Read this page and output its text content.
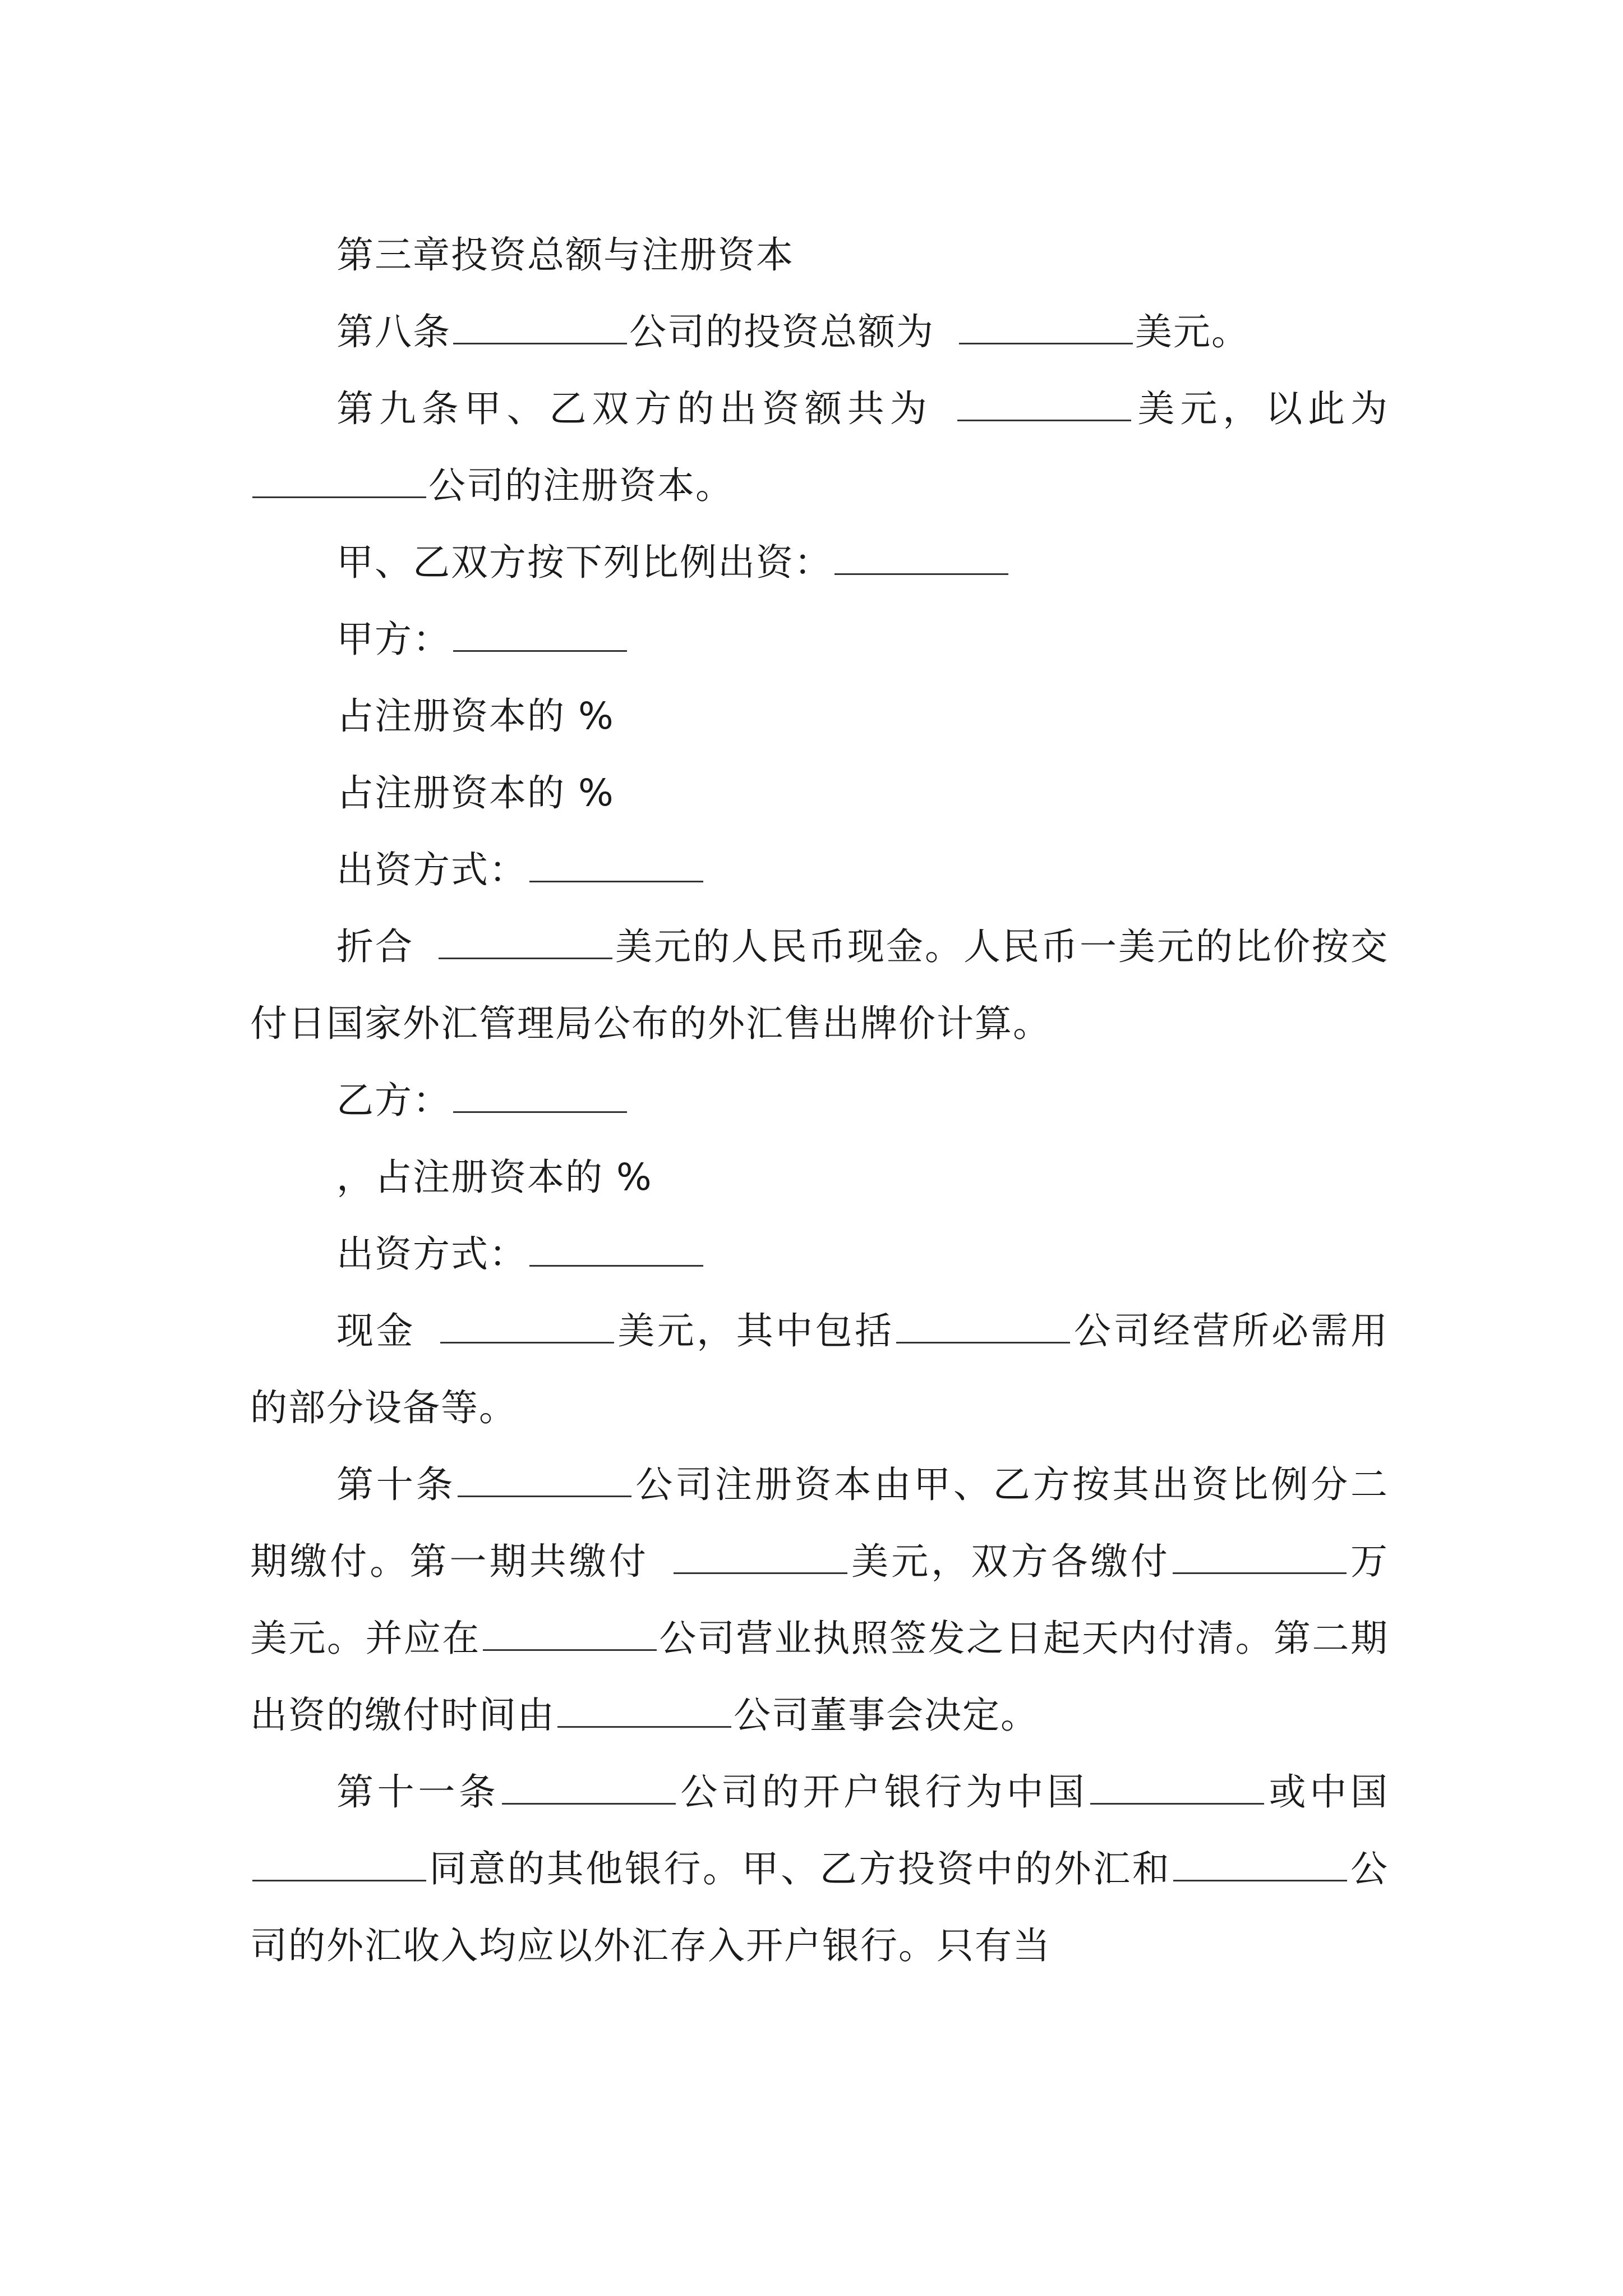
第三章投资总额与注册资本

第八条	公司的投资总额为	美元。

第九条甲、乙双方的出资额共为	美元，以此为公司的注册资本。

甲、乙双方按下列比例出资：

甲方：

占注册资本的 %

占注册资本的 %

出资方式：

折合	美元的人民币现金。人民币一美元的比价按交付日国家外汇管理局公布的外汇售出牌价计算。

乙方：

，占注册资本的 %

出资方式：

现金	美元，其中包括	公司经营所必需用的部分设备等。

第十条	公司注册资本由甲、乙方按其出资比例分二期缴付。第一期共缴付	美元，双方各缴付	万美元。并应在	公司营业执照签发之日起天内付清。第二期出资的缴付时间由	公司董事会决定。

第十一条	公司的开户银行为中国	或中国同意的其他银行。甲、乙方投资中的外汇和	公司的外汇收入均应以外汇存入开户银行。只有当
